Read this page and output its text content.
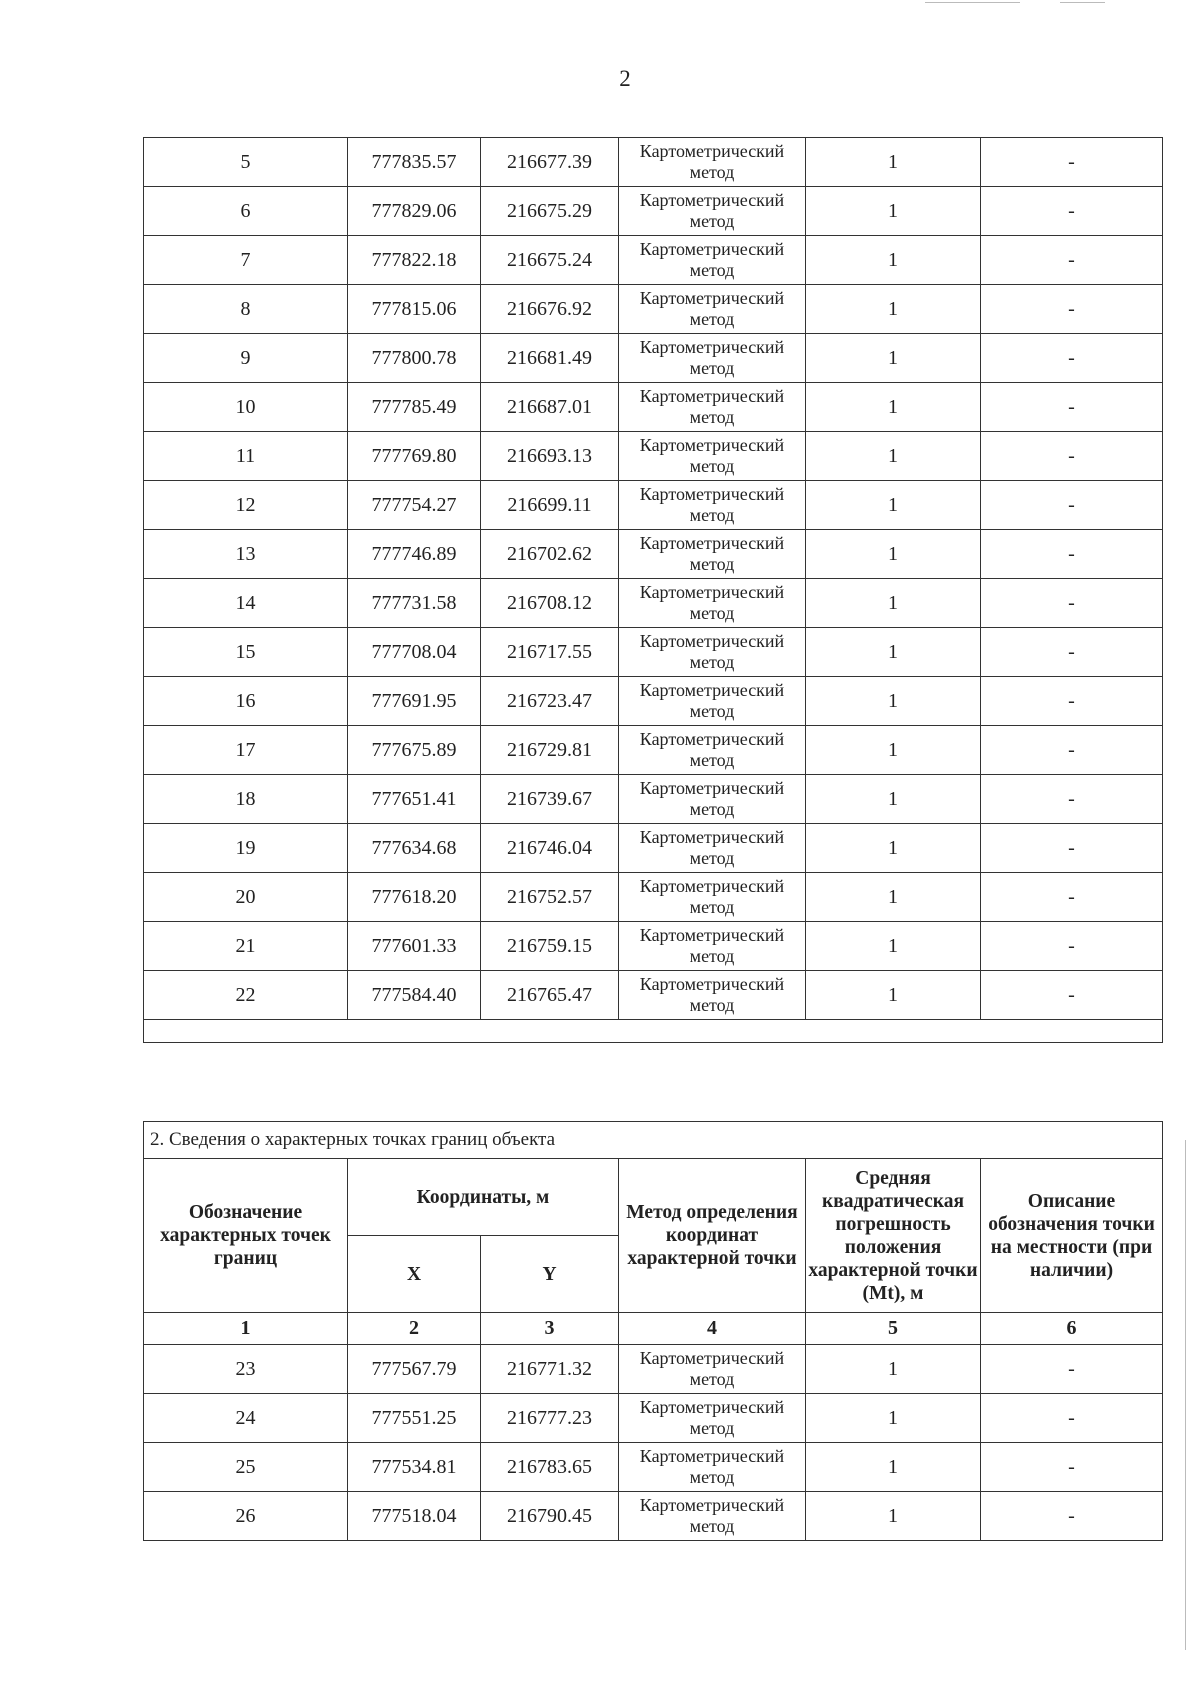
2
5	777835.57	216677.39	Картометрический метод	1	-
6	777829.06	216675.29	Картометрический метод	1	-
7	777822.18	216675.24	Картометрический метод	1	-
8	777815.06	216676.92	Картометрический метод	1	-
9	777800.78	216681.49	Картометрический метод	1	-
10	777785.49	216687.01	Картометрический метод	1	-
11	777769.80	216693.13	Картометрический метод	1	-
12	777754.27	216699.11	Картометрический метод	1	-
13	777746.89	216702.62	Картометрический метод	1	-
14	777731.58	216708.12	Картометрический метод	1	-
15	777708.04	216717.55	Картометрический метод	1	-
16	777691.95	216723.47	Картометрический метод	1	-
17	777675.89	216729.81	Картометрический метод	1	-
18	777651.41	216739.67	Картометрический метод	1	-
19	777634.68	216746.04	Картометрический метод	1	-
20	777618.20	216752.57	Картометрический метод	1	-
21	777601.33	216759.15	Картометрический метод	1	-
22	777584.40	216765.47	Картометрический метод	1	-

2. Сведения о характерных точках границ объекта					
Обозначение характерных точек границ	Координаты, м		Метод определения координат характерной точки	Средняя квадратическая погрешность положения характерной точки (Mt), м	Описание обозначения точки на местности (при наличии)
	X	Y			
1	2	3	4	5	6
23	777567.79	216771.32	Картометрический метод	1	-
24	777551.25	216777.23	Картометрический метод	1	-
25	777534.81	216783.65	Картометрический метод	1	-
26	777518.04	216790.45	Картометрический метод	1	-
